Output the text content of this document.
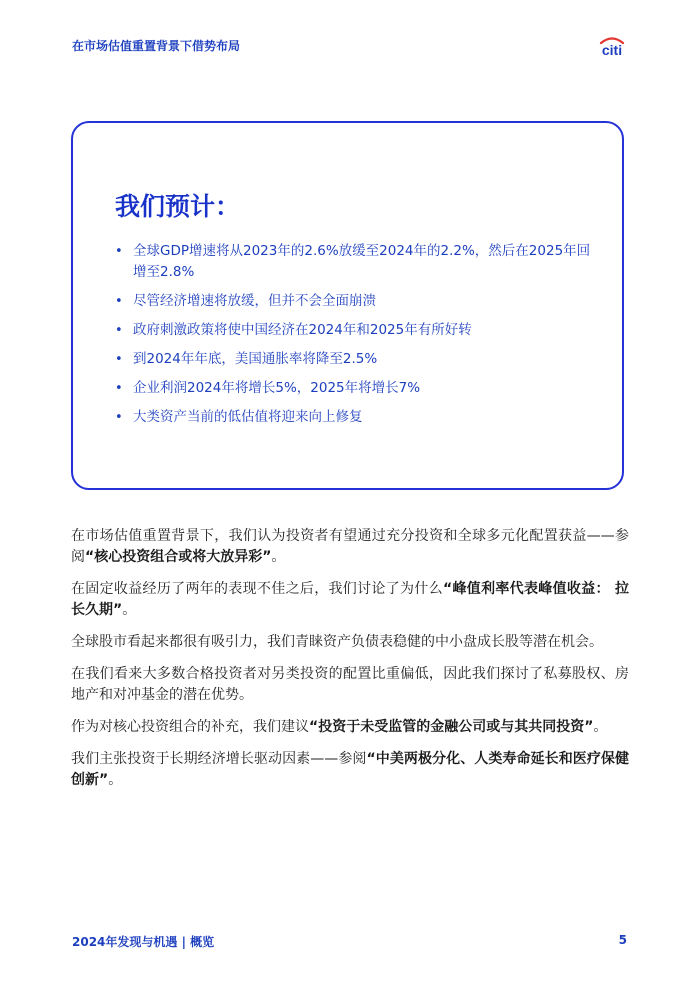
在市场估值重置背景下借势布局	citi
我们预计：
• 全球GDP增速将从2023年的2.6%放缓至2024年的2.2%，然后在2025年回增至2.8%
• 尽管经济增速将放缓，但并不会全面崩溃
• 政府刺激政策将使中国经济在2024年和2025年有所好转
• 到2024年年底，美国通胀率将降至2.5%
• 企业利润2024年将增长5%，2025年将增长7%
• 大类资产当前的低估值将迎来向上修复

在市场估值重置背景下，我们认为投资者有望通过充分投资和全球多元化配置获益——参阅“核心投资组合或将大放异彩”。

在固定收益经历了两年的表现不佳之后，我们讨论了为什么“峰值利率代表峰值收益： 拉长久期”。

全球股市看起来都很有吸引力，我们青睐资产负债表稳健的中小盘成长股等潜在机会。

在我们看来大多数合格投资者对另类投资的配置比重偏低，因此我们探讨了私募股权、房地产和对冲基金的潜在优势。

作为对核心投资组合的补充，我们建议“投资于未受监管的金融公司或与其共同投资”。

我们主张投资于长期经济增长驱动因素——参阅“中美两极分化、人类寿命延长和医疗保健创新”。

2024年发现与机遇 | 概览	5
